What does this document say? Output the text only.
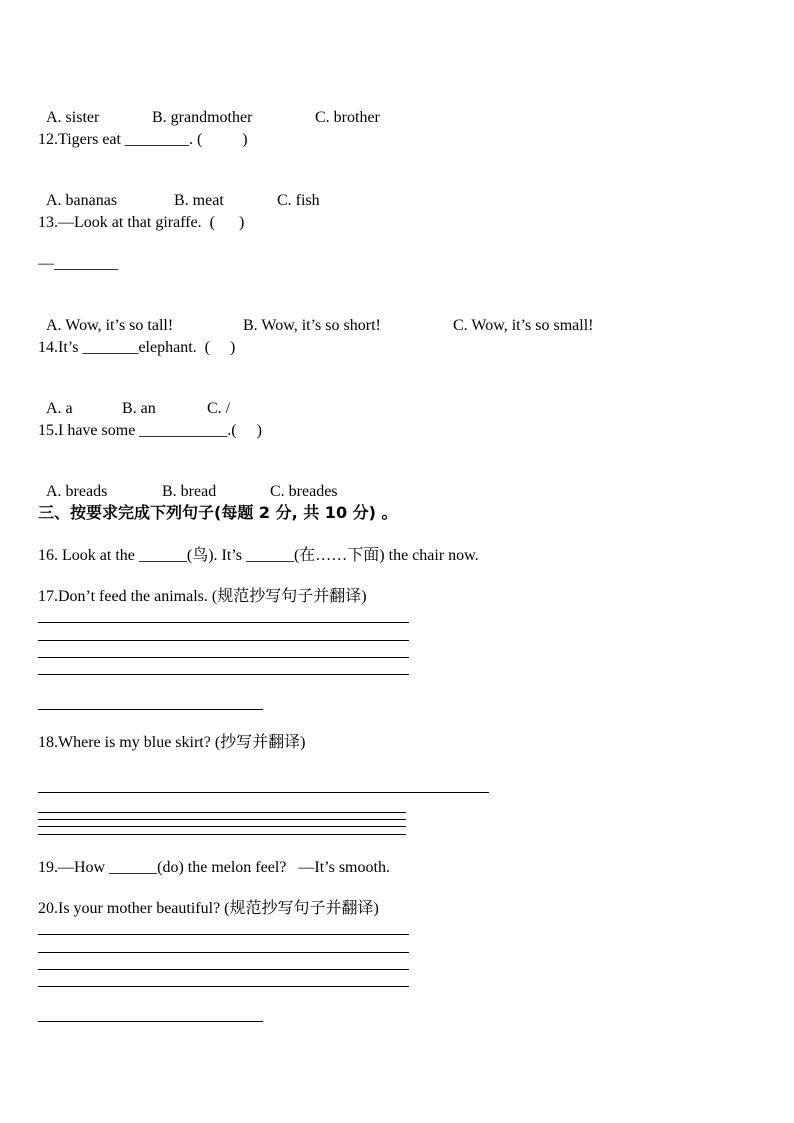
A. sister	B. grandmother	C. brother

12.Tigers eat ________. (          )

A. bananas	B. meat	C. fish

13.—Look at that giraffe.  (      )
—________

A. Wow, it’s so tall!	B. Wow, it’s so short!	C. Wow, it’s so small!

14.It’s _______elephant.  (     )

A. a	B. an	C. /

15.I have some ___________.(     )

A. breads	B. bread	C. breades

三、按要求完成下列句子(每题 2 分, 共 10 分) 。
16. Look at the ______(鸟). It’s ______(在……下面) the chair now.
17.Don’t feed the animals. (规范抄写句子并翻译)
18.Where is my blue skirt? (抄写并翻译)
19.—How ______(do) the melon feel?   —It’s smooth.
20.Is your mother beautiful? (规范抄写句子并翻译)
